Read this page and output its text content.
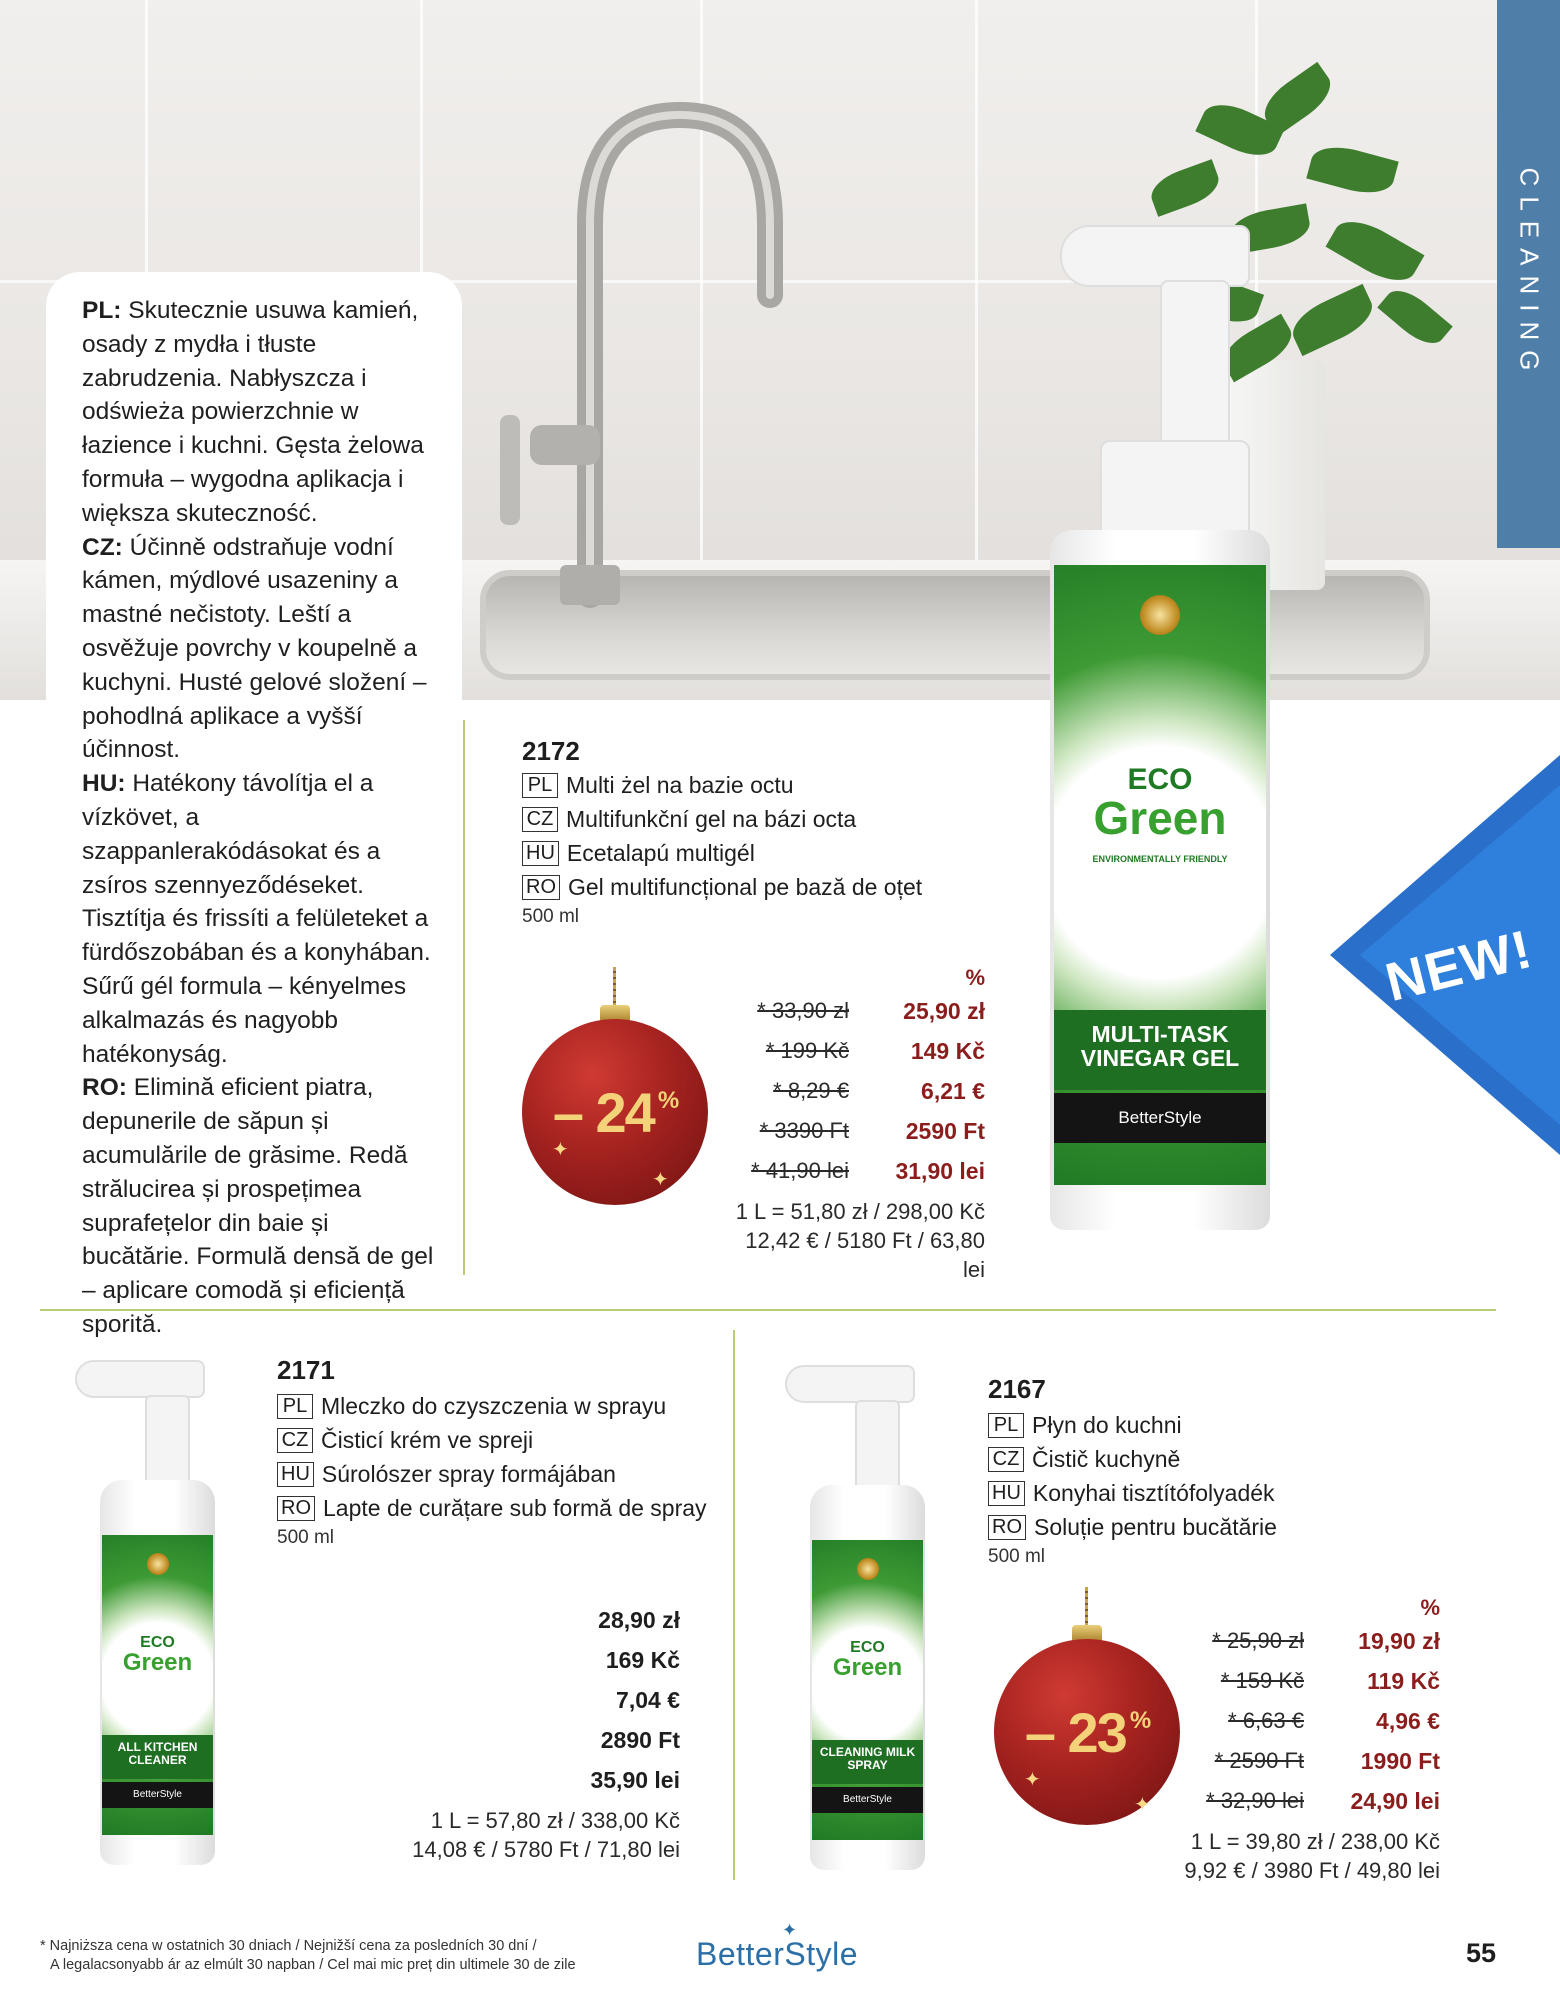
CLEANING

PL: Skutecznie usuwa kamień, osady z mydła i tłuste zabrudzenia. Nabłyszcza i odświeża powierzchnie w łazience i kuchni. Gęsta żelowa formuła – wygodna aplikacja i większa skuteczność.

CZ: Účinně odstraňuje vodní kámen, mýdlové usazeniny a mastné nečistoty. Leští a osvěžuje povrchy v koupelně a kuchyni. Husté gelové složení – pohodlná aplikace a vyšší účinnost.

HU: Hatékony távolítja el a vízkövet, a szappanlerakódásokat és a zsíros szennyeződéseket. Tisztítja és frissíti a felületeket a fürdőszobában és a konyhában. Sűrű gél formula – kényelmes alkalmazás és nagyobb hatékonyság.

RO: Elimină eficient piatra, depunerile de săpun și acumulările de grăsime. Redă strălucirea și prospețimea suprafețelor din baie și bucătărie. Formulă densă de gel – aplicare comodă și eficiență sporită.

2172
PL Multi żel na bazie octu
CZ Multifunkční gel na bázi octa
HU Ecetalapú multigél
RO Gel multifuncțional pe bază de oțet
500 ml
– 24 %
✦
✦
%
* 33,90 zł	25,90 zł
* 199 Kč	149 Kč
* 8,29 €	6,21 €
* 3390 Ft	2590 Ft
* 41,90 lei 31,90 lei
1 L = 51,80 zł / 298,00 Kč
12,42 € / 5180 Ft / 63,80 lei
ECO
Green
ENVIRONMENTALLY FRIENDLY
MULTI-TASK VINEGAR GEL
BetterStyle
NEW!
ECO
Green
ALL KITCHEN CLEANER
BetterStyle
2171
PL Mleczko do czyszczenia w sprayu
CZ Čisticí krém ve spreji
HU Súrolószer spray formájában
RO Lapte de curățare sub formă de spray
500 ml
28,90 zł
169 Kč
7,04 €
2890 Ft
35,90 lei
1 L = 57,80 zł / 338,00 Kč
14,08 € / 5780 Ft / 71,80 lei
ECO
Green
CLEANING MILK SPRAY
BetterStyle
2167
PL Płyn do kuchni
CZ Čistič kuchyně
HU Konyhai tisztítófolyadék
RO Soluție pentru bucătărie
500 ml
– 23 %
✦
✦
%
* 25,90 zł	19,90 zł
* 159 Kč	119 Kč
* 6,63 €	4,96 €
* 2590 Ft	1990 Ft
* 32,90 lei 24,90 lei
1 L = 39,80 zł / 238,00 Kč
9,92 € / 3980 Ft / 49,80 lei
* Najniższa cena w ostatnich 30 dniach / Nejnižší cena za posledních 30 dní /
A legalacsonyabb ár az elmúlt 30 napban / Cel mai mic preț din ultimele 30 de zile
✦
BetterStyle	55
